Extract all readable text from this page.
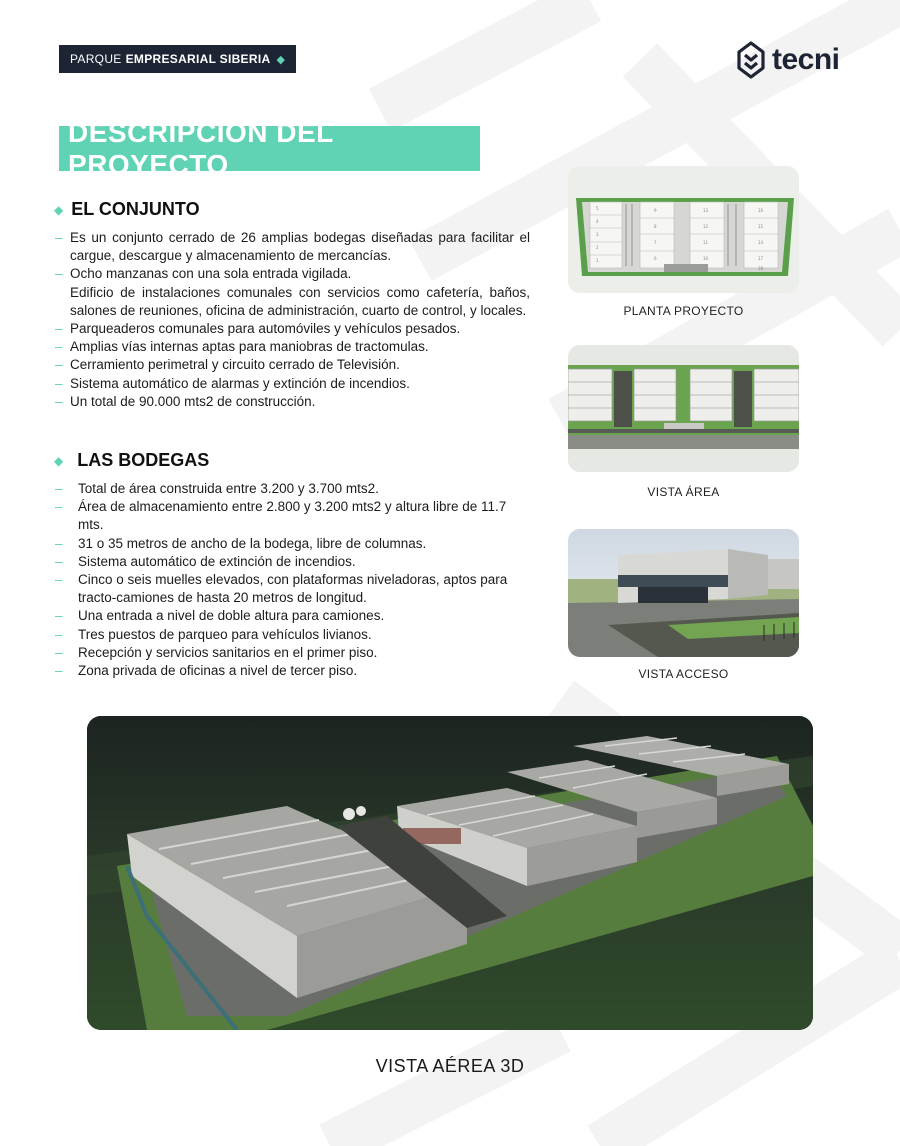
PARQUE EMPRESARIAL SIBERIA ◆	tecni
DESCRIPCIÓN DEL PROYECTO
◆ EL CONJUNTO
– Es un conjunto cerrado de 26 amplias bodegas diseñadas para facilitar el cargue, descargue y almacenamiento de mercancías.
– Ocho manzanas con una sola entrada vigilada.
Edificio de instalaciones comunales con servicios como cafetería, baños, salones de reuniones, oficina de administración, cuarto de control, y locales.
– Parqueaderos comunales para automóviles y vehículos pesados.
– Amplias vías internas aptas para maniobras de tractomulas.
– Cerramiento perimetral y circuito cerrado de Televisión.
– Sistema automático de alarmas y extinción de incendios.
– Un total de 90.000 mts2 de construcción.
◆ LAS BODEGAS
– Total de área construida entre 3.200 y 3.700 mts2.
– Área de almacenamiento entre 2.800 y 3.200 mts2 y altura libre de 11.7 mts.
– 31 o 35 metros de ancho de la bodega, libre de columnas.
– Sistema automático de extinción de incendios.
– Cinco o seis muelles elevados, con plataformas niveladoras, aptos para tracto-camiones de hasta 20 metros de longitud.
– Una entrada a nivel de doble altura para camiones.
– Tres puestos de parqueo para vehículos livianos.
– Recepción y servicios sanitarios en el primer piso.
– Zona privada de oficinas a nivel de tercer piso.
5
4
3
2
1
9
8
7
6
13
12
11
10
16
15
14
17
18
PLANTA PROYECTO
VISTA ÁREA
VISTA ACCESO
VISTA AÉREA 3D
